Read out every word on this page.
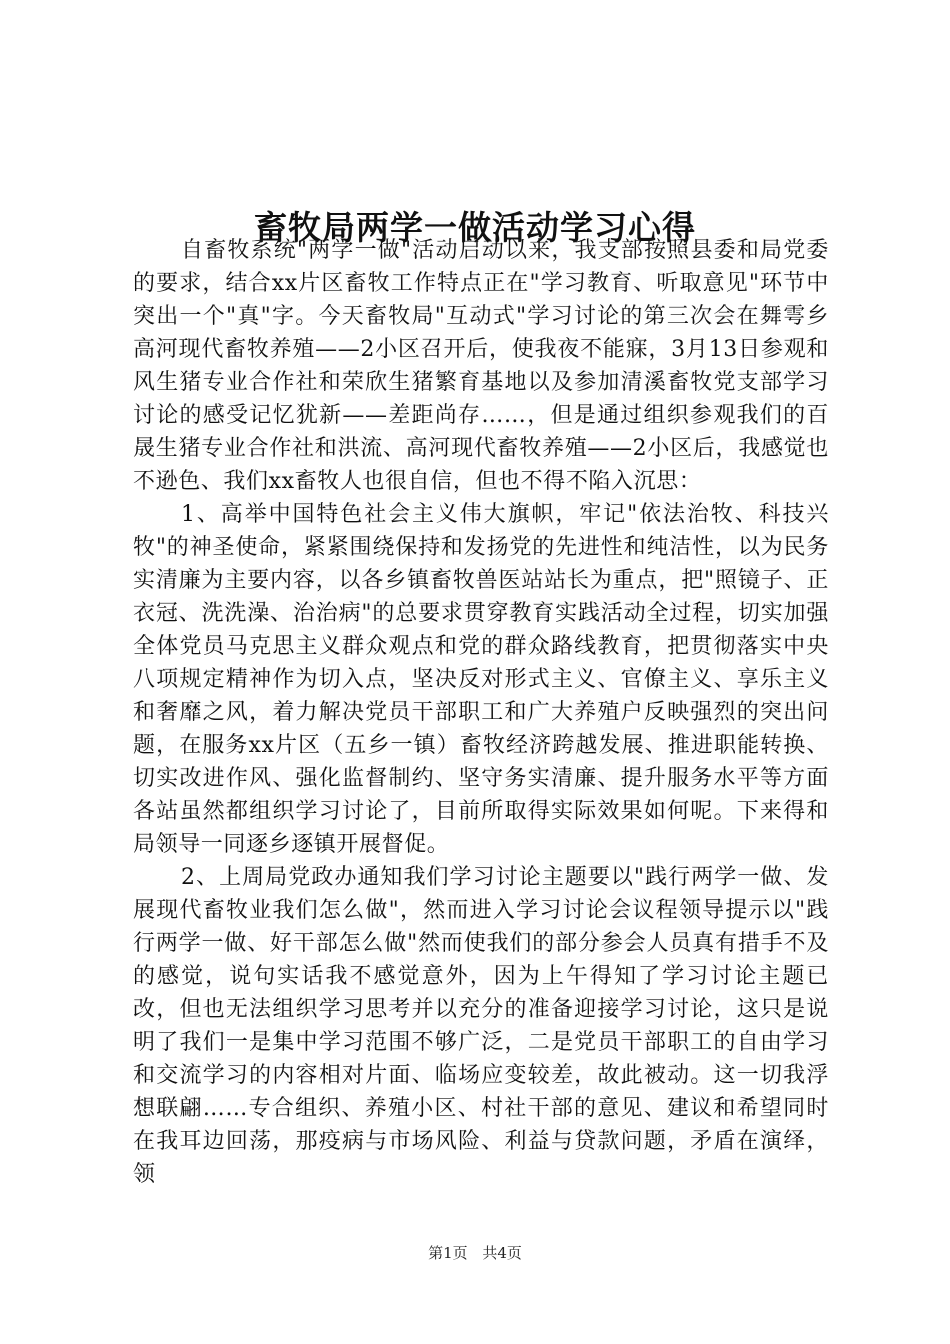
畜牧局两学一做活动学习心得

自畜牧系统"两学一做"活动启动以来，我支部按照县委和局党委的要求，结合xx片区畜牧工作特点正在"学习教育、听取意见"环节中突出一个"真"字。今天畜牧局"互动式"学习讨论的第三次会在舞雩乡高河现代畜牧养殖——2小区召开后，使我夜不能寐，3月13日参观和风生猪专业合作社和荣欣生猪繁育基地以及参加清溪畜牧党支部学习讨论的感受记忆犹新——差距尚存……，但是通过组织参观我们的百晟生猪专业合作社和洪流、高河现代畜牧养殖——2小区后，我感觉也不逊色、我们xx畜牧人也很自信，但也不得不陷入沉思：

1、高举中国特色社会主义伟大旗帜，牢记"依法治牧、科技兴牧"的神圣使命，紧紧围绕保持和发扬党的先进性和纯洁性，以为民务实清廉为主要内容，以各乡镇畜牧兽医站站长为重点，把"照镜子、正衣冠、洗洗澡、治治病"的总要求贯穿教育实践活动全过程，切实加强全体党员马克思主义群众观点和党的群众路线教育，把贯彻落实中央八项规定精神作为切入点，坚决反对形式主义、官僚主义、享乐主义和奢靡之风，着力解决党员干部职工和广大养殖户反映强烈的突出问题，在服务xx片区（五乡一镇）畜牧经济跨越发展、推进职能转换、切实改进作风、强化监督制约、坚守务实清廉、提升服务水平等方面各站虽然都组织学习讨论了，目前所取得实际效果如何呢。下来得和局领导一同逐乡逐镇开展督促。

2、上周局党政办通知我们学习讨论主题要以"践行两学一做、发展现代畜牧业我们怎么做"，然而进入学习讨论会议程领导提示以"践行两学一做、好干部怎么做"然而使我们的部分参会人员真有措手不及的感觉，说句实话我不感觉意外，因为上午得知了学习讨论主题已改，但也无法组织学习思考并以充分的准备迎接学习讨论，这只是说明了我们一是集中学习范围不够广泛，二是党员干部职工的自由学习和交流学习的内容相对片面、临场应变较差，故此被动。这一切我浮想联翩……专合组织、养殖小区、村社干部的意见、建议和希望同时在我耳边回荡，那疫病与市场风险、利益与贷款问题，矛盾在演绎，领

第1页 共4页
